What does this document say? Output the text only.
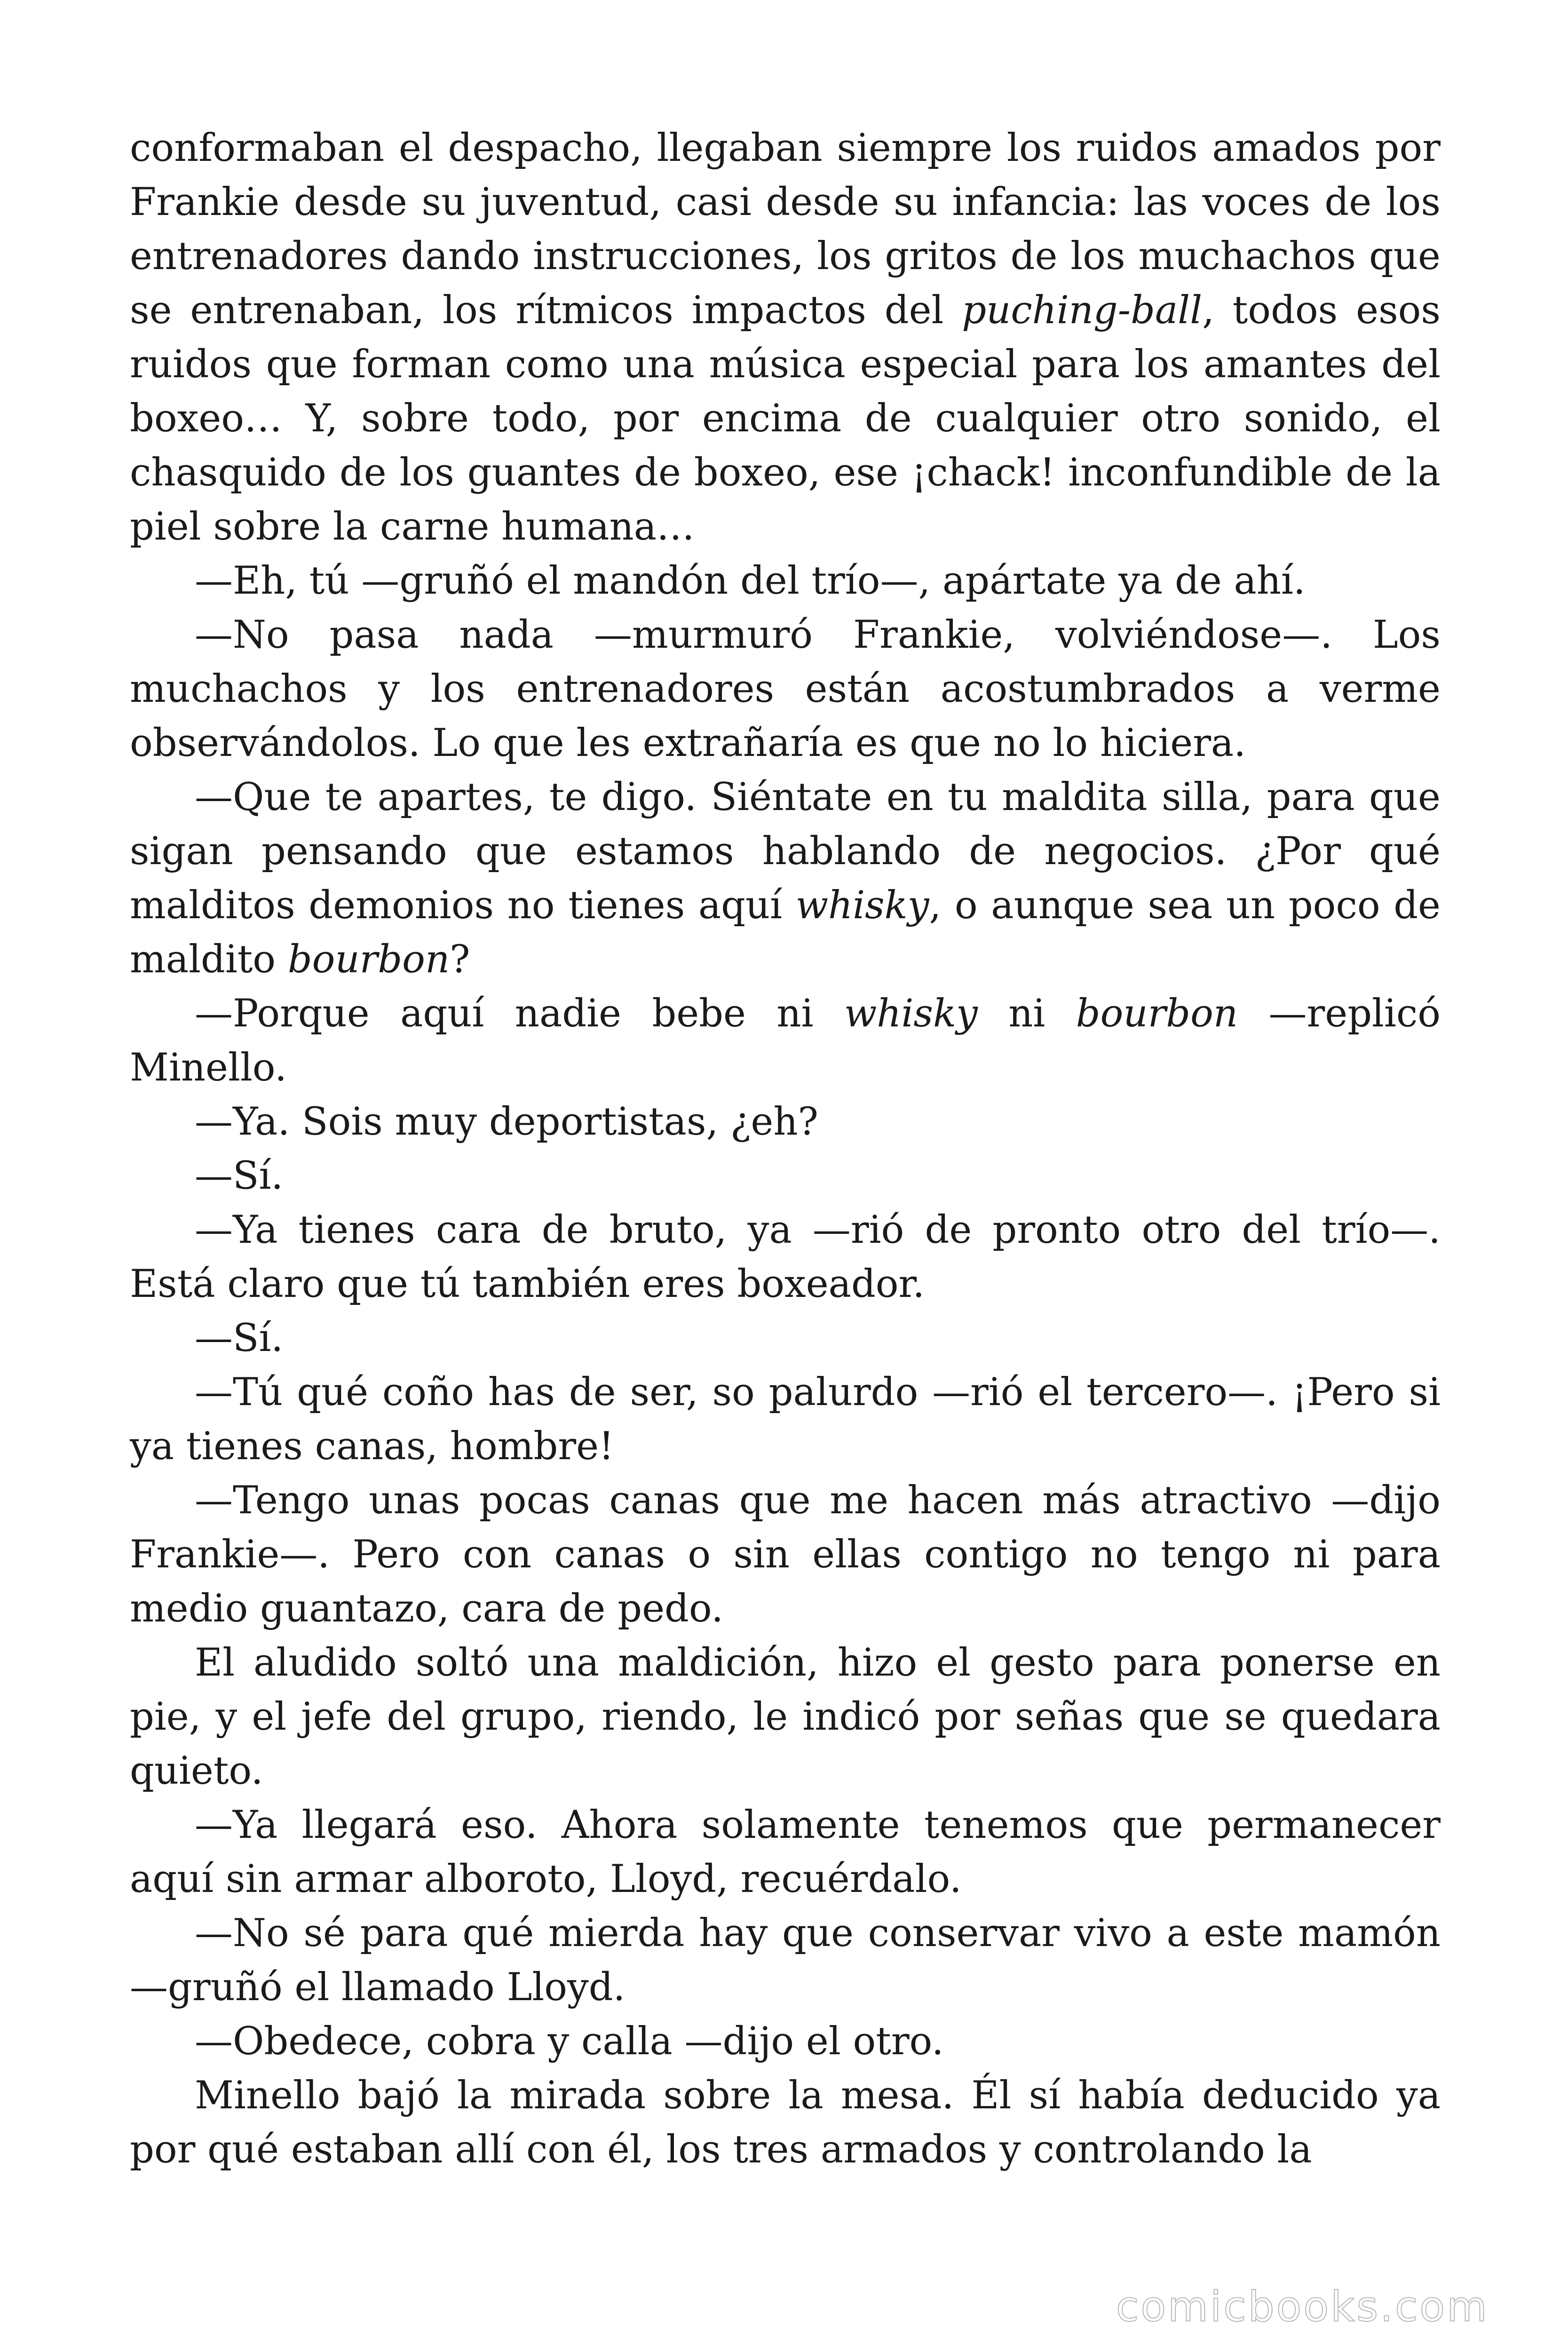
conformaban el despacho, llegaban siempre los ruidos amados por Frankie desde su juventud, casi desde su infancia: las voces de los entrenadores dando instrucciones, los gritos de los muchachos que se entrenaban, los rítmicos impactos del puching-ball, todos esos ruidos que forman como una música especial para los amantes del boxeo… Y, sobre todo, por encima de cualquier otro sonido, el chasquido de los guantes de boxeo, ese ¡chack! inconfundible de la piel sobre la carne humana…

—Eh, tú —gruñó el mandón del trío—, apártate ya de ahí.

—No pasa nada —murmuró Frankie, volviéndose—. Los muchachos y los entrenadores están acostumbrados a verme observándolos. Lo que les extrañaría es que no lo hiciera.

—Que te apartes, te digo. Siéntate en tu maldita silla, para que sigan pensando que estamos hablando de negocios. ¿Por qué malditos demonios no tienes aquí whisky, o aunque sea un poco de maldito bourbon?

—Porque aquí nadie bebe ni whisky ni bourbon —replicó Minello.

—Ya. Sois muy deportistas, ¿eh?

—Sí.

—Ya tienes cara de bruto, ya —rió de pronto otro del trío—. Está claro que tú también eres boxeador.

—Sí.

—Tú qué coño has de ser, so palurdo —rió el tercero—. ¡Pero si ya tienes canas, hombre!

—Tengo unas pocas canas que me hacen más atractivo —dijo Frankie—. Pero con canas o sin ellas contigo no tengo ni para medio guantazo, cara de pedo.

El aludido soltó una maldición, hizo el gesto para ponerse en pie, y el jefe del grupo, riendo, le indicó por señas que se quedara quieto.

—Ya llegará eso. Ahora solamente tenemos que permanecer aquí sin armar alboroto, Lloyd, recuérdalo.

—No sé para qué mierda hay que conservar vivo a este mamón —gruñó el llamado Lloyd.

—Obedece, cobra y calla —dijo el otro.

Minello bajó la mirada sobre la mesa. Él sí había deducido ya por qué estaban allí con él, los tres armados y controlando la

comicbooks.com
